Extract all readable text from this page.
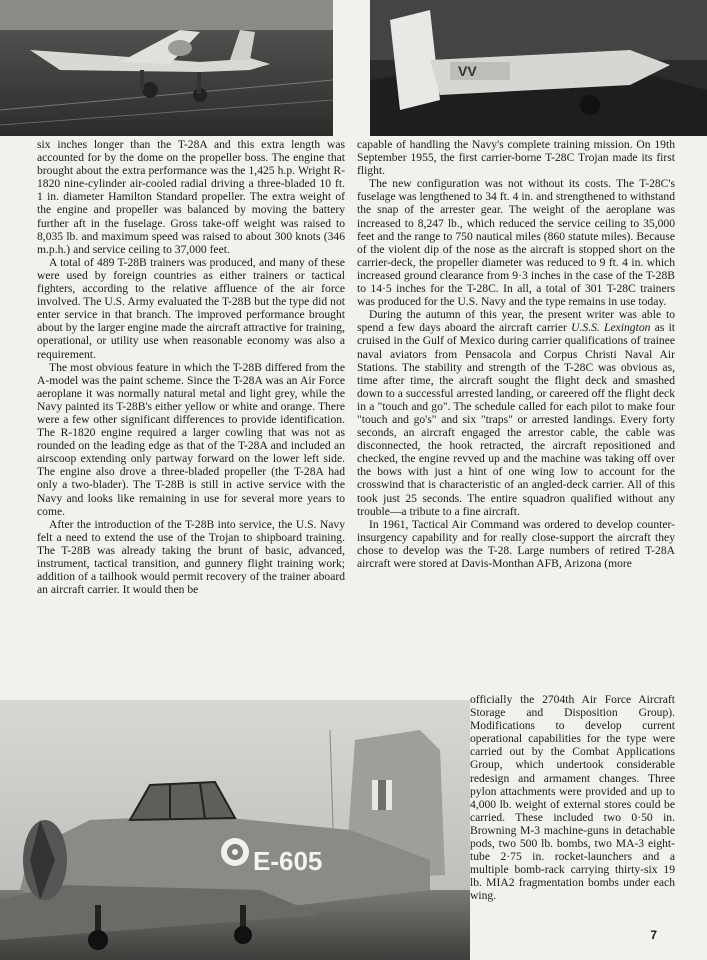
VV
E-605

six inches longer than the T-28A and this extra length was accounted for by the dome on the propeller boss. The engine that brought about the extra performance was the 1,425 h.p. Wright R-1820 nine-cylinder air-cooled radial driving a three-bladed 10 ft. 1 in. diameter Hamilton Standard propeller. The extra weight of the engine and propeller was balanced by moving the battery further aft in the fuselage. Gross take-off weight was raised to 8,035 lb. and maximum speed was raised to about 300 knots (346 m.p.h.) and service ceiling to 37,000 feet.

A total of 489 T-28B trainers was produced, and many of these were used by foreign countries as either trainers or tactical fighters, according to the relative affluence of the air force involved. The U.S. Army evaluated the T-28B but the type did not enter service in that branch. The improved performance brought about by the larger engine made the aircraft attractive for training, operational, or utility use when reasonable economy was also a requirement.

The most obvious feature in which the T-28B differed from the A-model was the paint scheme. Since the T-28A was an Air Force aeroplane it was normally natural metal and light grey, while the Navy painted its T-28B's either yellow or white and orange. There were a few other significant differences to provide identification. The R-1820 engine required a larger cowling that was not as rounded on the leading edge as that of the T-28A and included an airscoop extending only partway forward on the lower left side. The engine also drove a three-bladed propeller (the T-28A had only a two-blader). The T-28B is still in active service with the Navy and looks like remaining in use for several more years to come.

After the introduction of the T-28B into service, the U.S. Navy felt a need to extend the use of the Trojan to shipboard training. The T-28B was already taking the brunt of basic, advanced, instrument, tactical transition, and gunnery flight training work; addition of a tailhook would permit recovery of the trainer aboard an aircraft carrier. It would then be

capable of handling the Navy's complete training mission. On 19th September 1955, the first carrier-borne T-28C Trojan made its first flight.

The new configuration was not without its costs. The T-28C's fuselage was lengthened to 34 ft. 4 in. and strengthened to withstand the snap of the arrester gear. The weight of the aeroplane was increased to 8,247 lb., which reduced the service ceiling to 35,000 feet and the range to 750 nautical miles (860 statute miles). Because of the violent dip of the nose as the aircraft is stopped short on the carrier-deck, the propeller diameter was reduced to 9 ft. 4 in. which increased ground clearance from 9·3 inches in the case of the T-28B to 14·5 inches for the T-28C. In all, a total of 301 T-28C trainers was produced for the U.S. Navy and the type remains in use today.

During the autumn of this year, the present writer was able to spend a few days aboard the aircraft carrier U.S.S. Lexington as it cruised in the Gulf of Mexico during carrier qualifications of trainee naval aviators from Pensacola and Corpus Christi Naval Air Stations. The stability and strength of the T-28C was obvious as, time after time, the aircraft sought the flight deck and smashed down to a successful arrested landing, or careered off the flight deck in a "touch and go". The schedule called for each pilot to make four "touch and go's" and six "traps" or arrested landings. Every forty seconds, an aircraft engaged the arrestor cable, the cable was disconnected, the hook retracted, the aircraft repositioned and checked, the engine revved up and the machine was taking off over the bows with just a hint of one wing low to account for the crosswind that is characteristic of an angled-deck carrier. All of this took just 25 seconds. The entire squadron qualified without any trouble—a tribute to a fine aircraft.

In 1961, Tactical Air Command was ordered to develop counter-insurgency capability and for really close-support the aircraft they chose to develop was the T-28. Large numbers of retired T-28A aircraft were stored at Davis-Monthan AFB, Arizona (more

officially the 2704th Air Force Aircraft Storage and Disposition Group). Modifications to develop current operational capabilities for the type were carried out by the Combat Applications Group, which undertook considerable redesign and armament changes. Three pylon attachments were provided and up to 4,000 lb. weight of external stores could be carried. These included two 0·50 in. Browning M-3 machine-guns in detachable pods, two 500 lb. bombs, two MA-3 eight-tube 2·75 in. rocket-launchers and a multiple bomb-rack carrying thirty-six 19 lb. MIA2 fragmentation bombs under each wing.

7
